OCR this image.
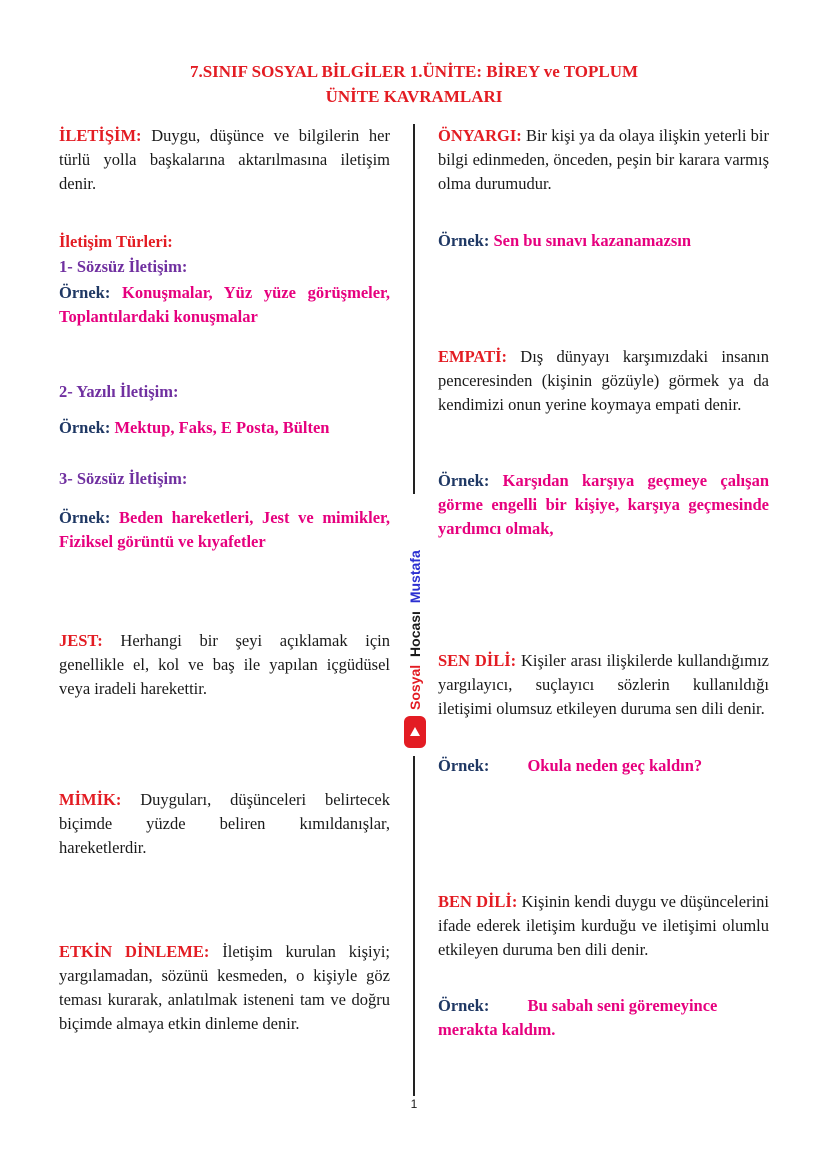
7.SINIF SOSYAL BİLGİLER 1.ÜNİTE: BİREY ve TOPLUM
ÜNİTE KAVRAMLARI
İLETİŞİM: Duygu, düşünce ve bilgilerin her türlü yolla başkalarına aktarılmasına iletişim denir.
İletişim Türleri:
1- Sözsüz İletişim:
Örnek: Konuşmalar, Yüz yüze görüşmeler, Toplantılardaki konuşmalar
2- Yazılı İletişim:
Örnek: Mektup, Faks, E Posta, Bülten
3- Sözsüz İletişim:
Örnek: Beden hareketleri, Jest ve mimikler, Fiziksel görüntü ve kıyafetler
JEST: Herhangi bir şeyi açıklamak için genellikle el, kol ve baş ile yapılan içgüdüsel veya iradeli harekettir.
MİMİK: Duyguları, düşünceleri belirtecek biçimde yüzde beliren kımıldanışlar, hareketlerdir.
ETKİN DİNLEME: İletişim kurulan kişiyi; yargılamadan, sözünü kesmeden, o kişiyle göz teması kurarak, anlatılmak isteneni tam ve doğru biçimde almaya etkin dinleme denir.
Sosyal Hocası Mustafa
ÖNYARGI: Bir kişi ya da olaya ilişkin yeterli bir bilgi edinmeden, önceden, peşin bir karara varmış olma durumudur.
Örnek: Sen bu sınavı kazanamazsın
EMPATİ: Dış dünyayı karşımızdaki insanın penceresinden (kişinin gözüyle) görmek ya da kendimizi onun yerine koymaya empati denir.
Örnek: Karşıdan karşıya geçmeye çalışan görme engelli bir kişiye, karşıya geçmesinde yardımcı olmak,
SEN DİLİ: Kişiler arası ilişkilerde kullandığımız yargılayıcı, suçlayıcı sözlerin kullanıldığı iletişimi olumsuz etkileyen duruma sen dili denir.
Örnek: Okula neden geç kaldın?
BEN DİLİ: Kişinin kendi duygu ve düşüncelerini ifade ederek iletişim kurduğu ve iletişimi olumlu etkileyen duruma ben dili denir.
Örnek: Bu sabah seni göremeyince merakta kaldım.
1
